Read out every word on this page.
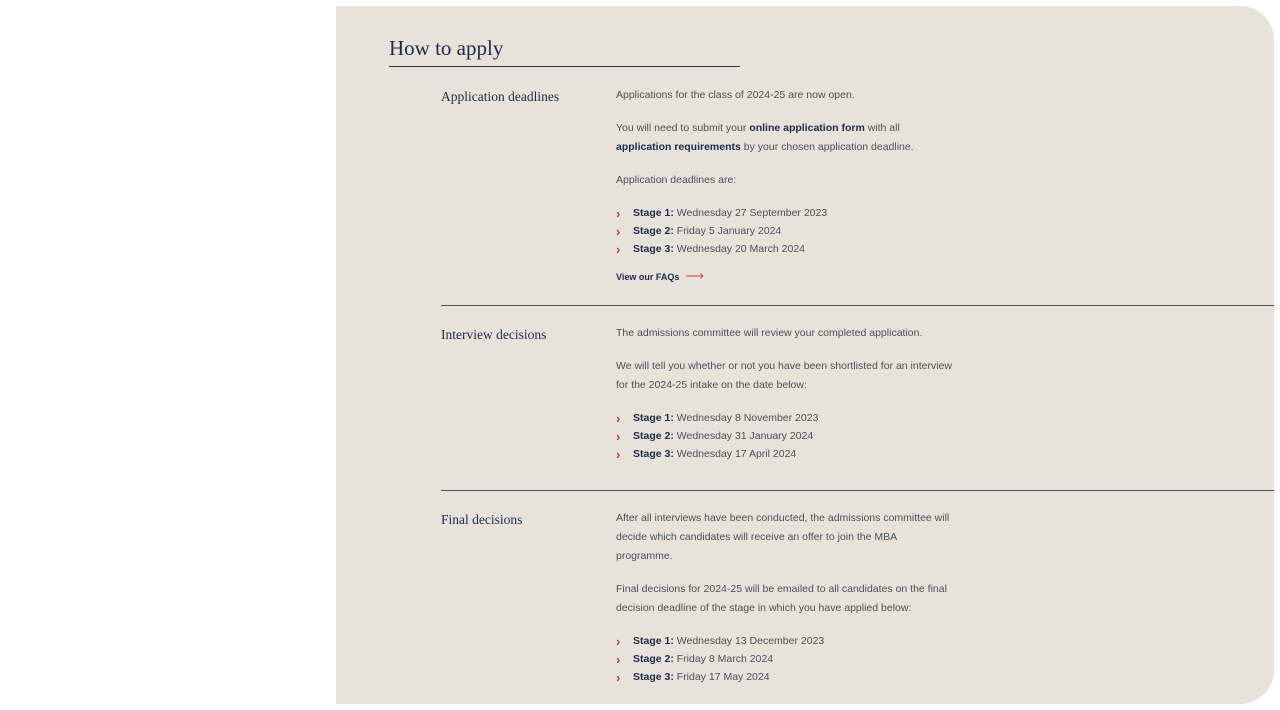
How to apply
Application deadlines	Applications for the class of 2024-25 are now open.

You will need to submit your online application form with all application requirements by your chosen application deadline.

Application deadlines are:

› Stage 1: Wednesday 27 September 2023
› Stage 2: Friday 5 January 2024
› Stage 3: Wednesday 20 March 2024
View our FAQs ⟶
Interview decisions	The admissions committee will review your completed application.

We will tell you whether or not you have been shortlisted for an interview for the 2024-25 intake on the date below:

› Stage 1: Wednesday 8 November 2023
› Stage 2: Wednesday 31 January 2024
› Stage 3: Wednesday 17 April 2024
Final decisions	After all interviews have been conducted, the admissions committee will decide which candidates will receive an offer to join the MBA programme.

Final decisions for 2024-25 will be emailed to all candidates on the final decision deadline of the stage in which you have applied below:

› Stage 1: Wednesday 13 December 2023
› Stage 2: Friday 8 March 2024
› Stage 3: Friday 17 May 2024
